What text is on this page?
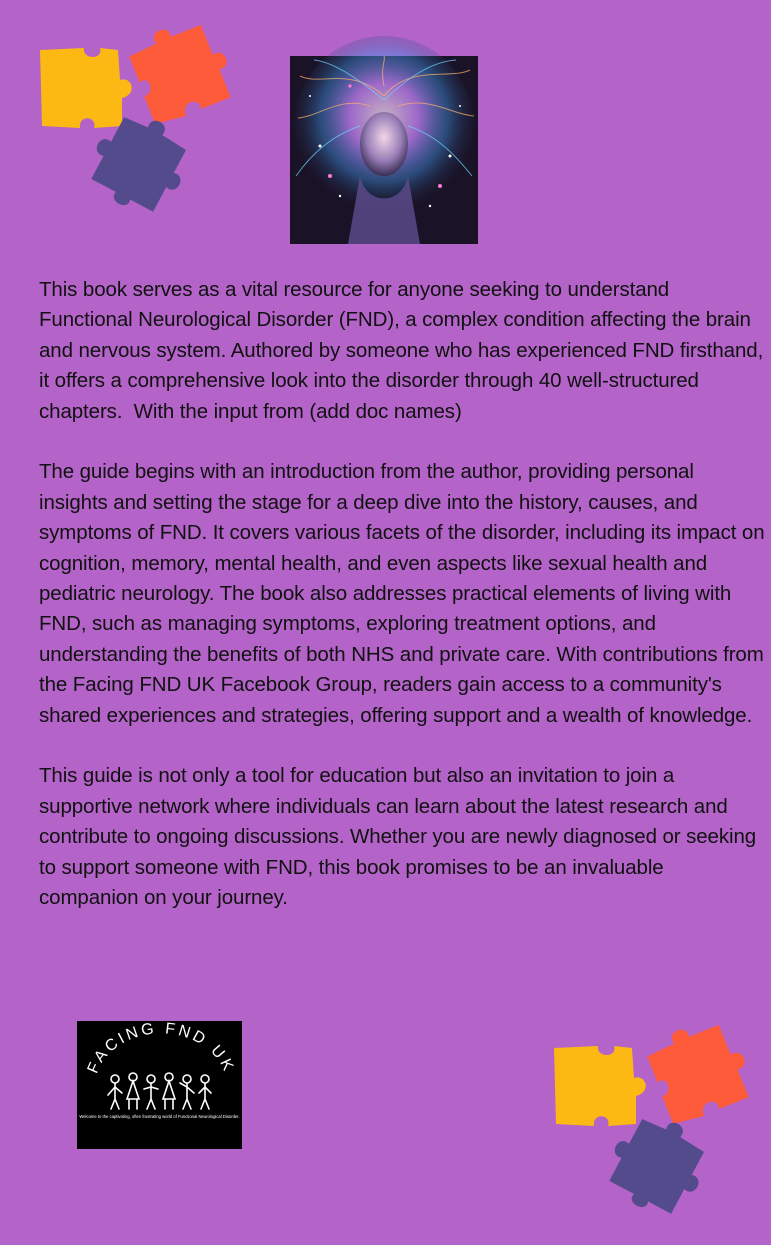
This book serves as a vital resource for anyone seeking to understand Functional Neurological Disorder (FND), a complex condition affecting the brain and nervous system. Authored by someone who has experienced FND firsthand, it offers a comprehensive look into the disorder through 40 well-structured chapters.  With the input from (add doc names)

The guide begins with an introduction from the author, providing personal insights and setting the stage for a deep dive into the history, causes, and symptoms of FND. It covers various facets of the disorder, including its impact on cognition, memory, mental health, and even aspects like sexual health and pediatric neurology. The book also addresses practical elements of living with FND, such as managing symptoms, exploring treatment options, and understanding the benefits of both NHS and private care. With contributions from the Facing FND UK Facebook Group, readers gain access to a community's shared experiences and strategies, offering support and a wealth of knowledge.

This guide is not only a tool for education but also an invitation to join a supportive network where individuals can learn about the latest research and contribute to ongoing discussions. Whether you are newly diagnosed or seeking to support someone with FND, this book promises to be an invaluable companion on your journey.

FACING FND UK
Welcome to the captivating, often frustrating world of Functional Neurological Disorder.
